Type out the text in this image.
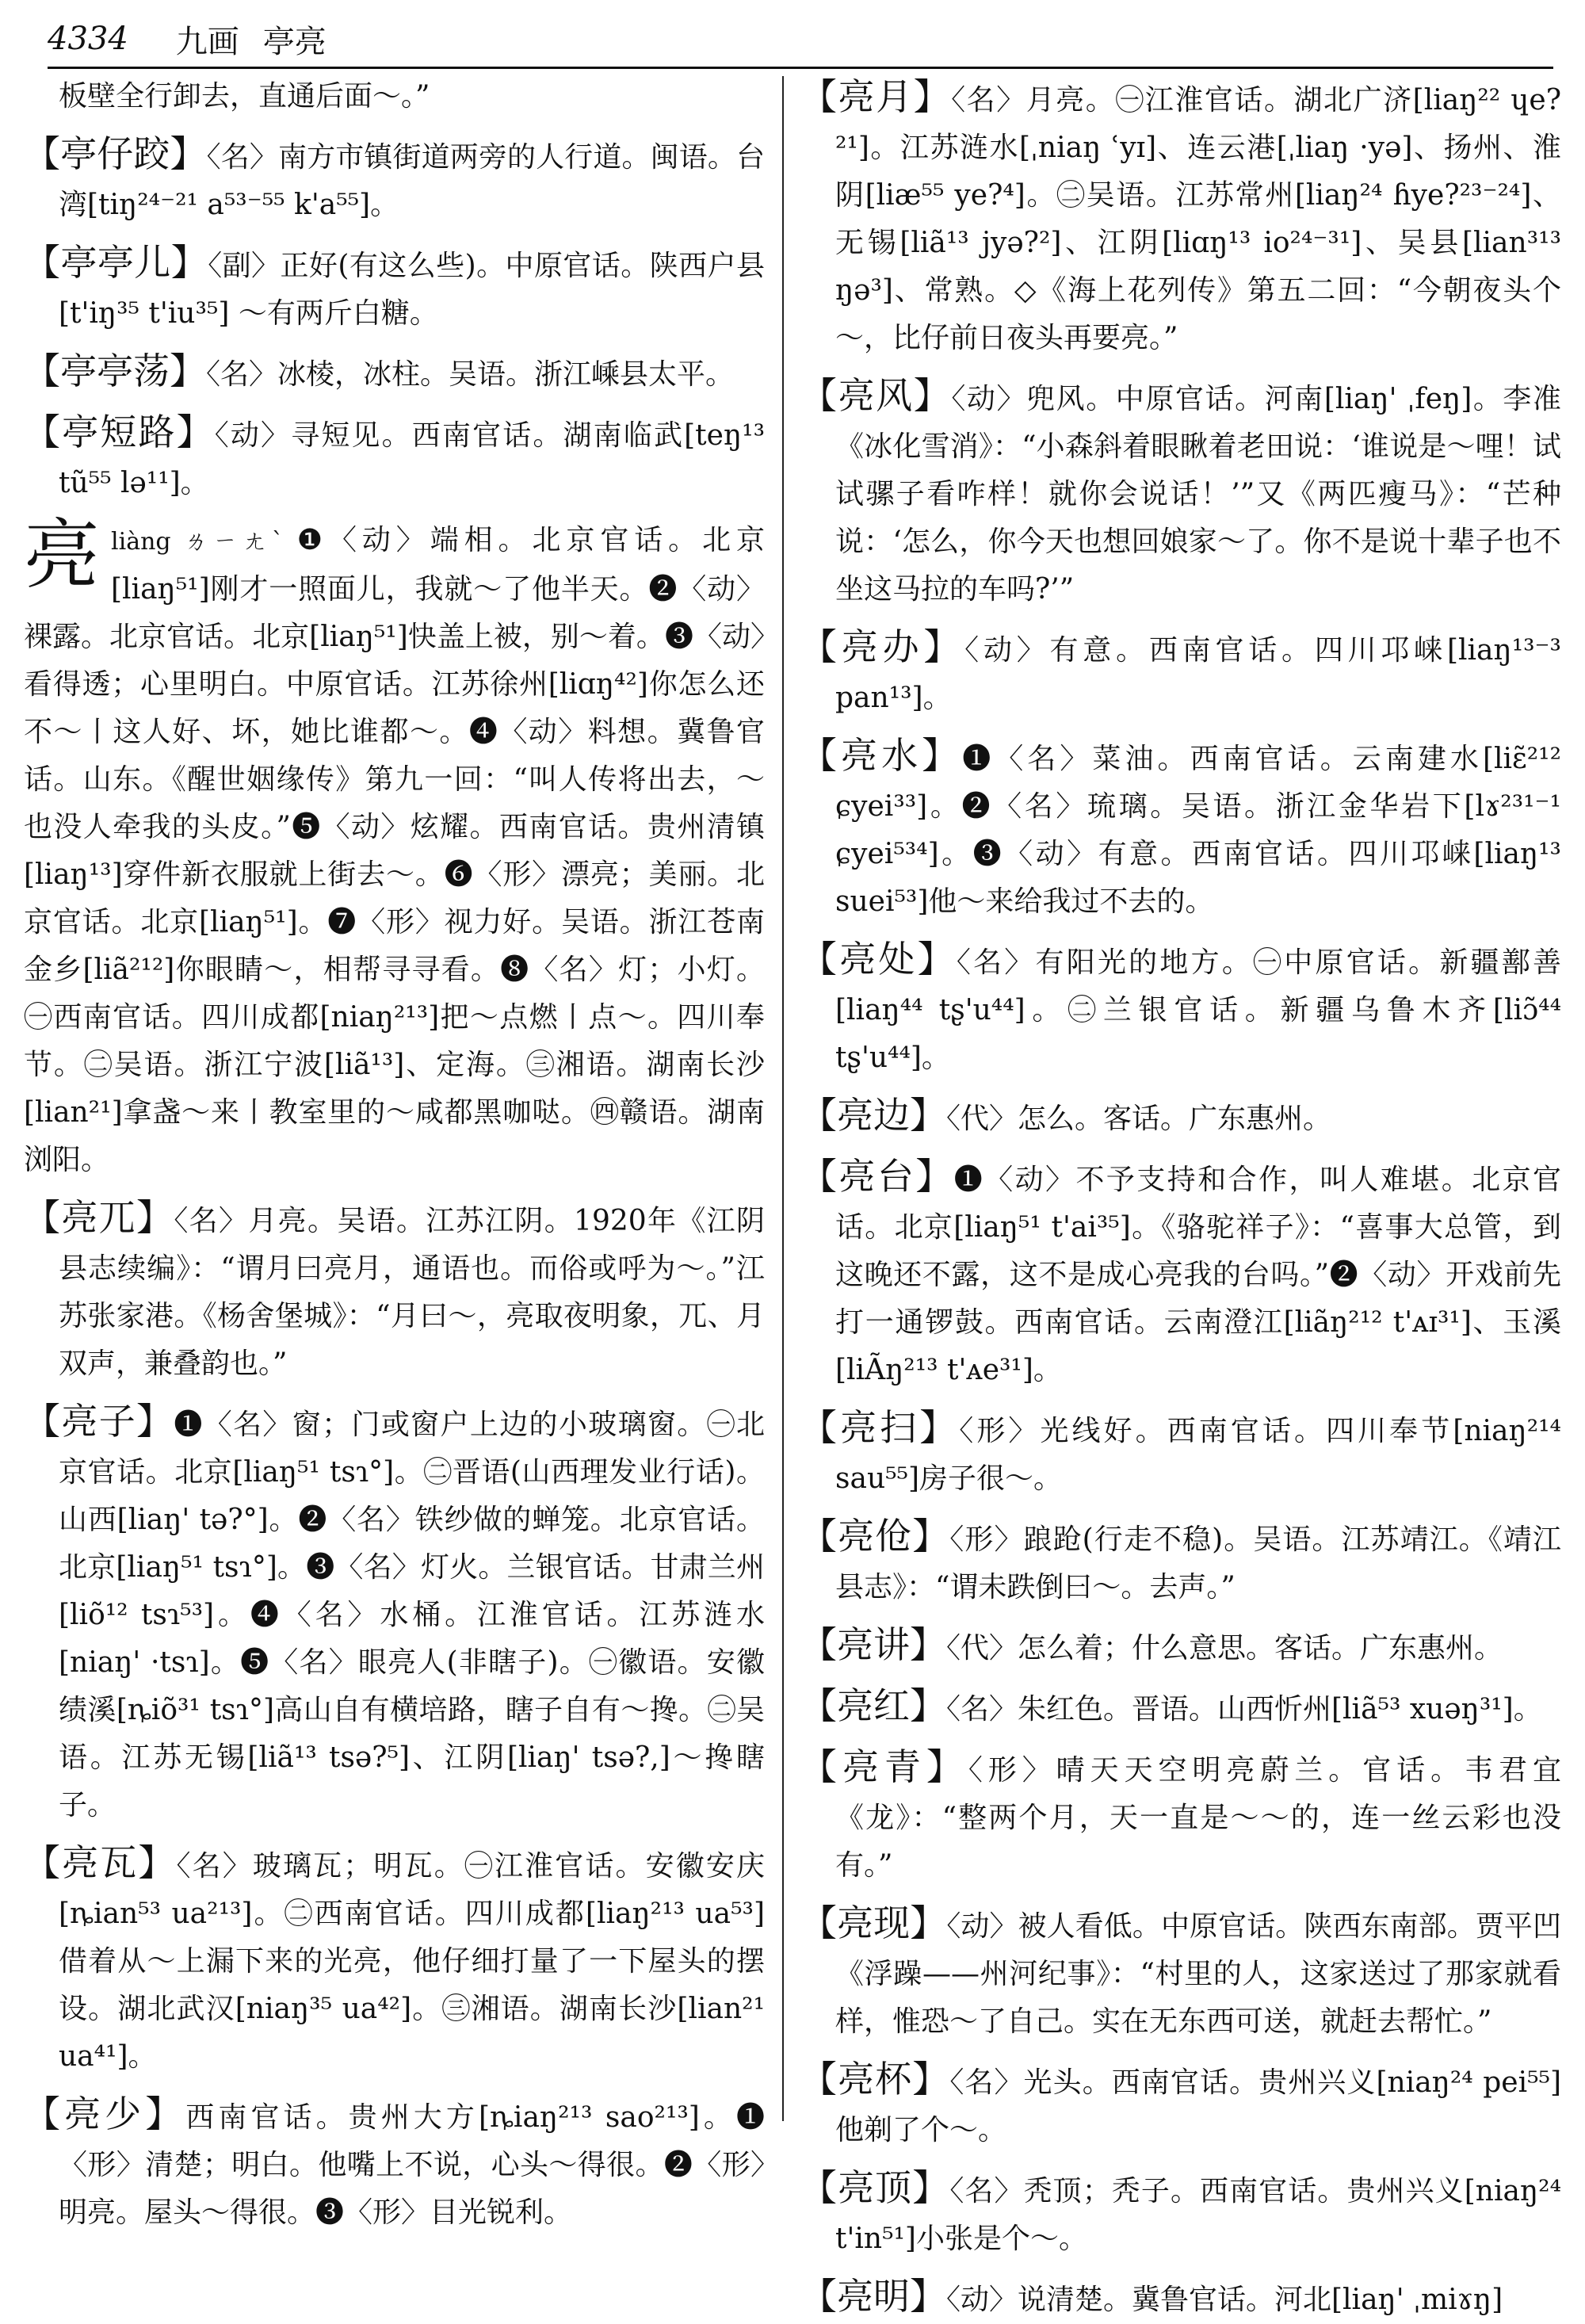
4334 九画 亭亮

板壁全行卸去，直通后面～。”

【亭仔跤】〈名〉南方市镇街道两旁的人行道。闽语。台湾[tiŋ²⁴⁻²¹ a⁵³⁻⁵⁵ k'a⁵⁵]。

【亭亭儿】〈副〉正好(有这么些)。中原官话。陕西户县[t'iŋ³⁵ t'iu³⁵] ～有两斤白糖。

【亭亭荡】〈名〉冰棱，冰柱。吴语。浙江嵊县太平。

【亭短路】〈动〉寻短见。西南官话。湖南临武[teŋ¹³ tũ⁵⁵ lə¹¹]。

亮liàng ㄌㄧㄤˋ ❶〈动〉端相。北京官话。北京[liaŋ⁵¹]刚才一照面儿，我就～了他半天。❷〈动〉裸露。北京官话。北京[liaŋ⁵¹]快盖上被，别～着。❸〈动〉看得透；心里明白。中原官话。江苏徐州[liɑŋ⁴²]你怎么还不～丨这人好、坏，她比谁都～。❹〈动〉料想。冀鲁官话。山东。《醒世姻缘传》第九一回：“叫人传将出去，～也没人牵我的头皮。”❺〈动〉炫耀。西南官话。贵州清镇[liaŋ¹³]穿件新衣服就上街去～。❻〈形〉漂亮；美丽。北京官话。北京[liaŋ⁵¹]。❼〈形〉视力好。吴语。浙江苍南金乡[liã²¹²]你眼睛～，相帮寻寻看。❽〈名〉灯；小灯。㊀西南官话。四川成都[niaŋ²¹³]把～点燃丨点～。四川奉节。㊁吴语。浙江宁波[liã¹³]、定海。㊂湘语。湖南长沙[lian²¹]拿盏～来丨教室里的～咸都黑咖哒。㊃赣语。湖南浏阳。

【亮兀】〈名〉月亮。吴语。江苏江阴。1920年《江阴县志续编》：“谓月曰亮月，通语也。而俗或呼为～。”江苏张家港。《杨舍堡城》：“月曰～，亮取夜明象，兀、月双声，兼叠韵也。”

【亮子】❶〈名〉窗；门或窗户上边的小玻璃窗。㊀北京官话。北京[liaŋ⁵¹ tsɿ°]。㊁晋语(山西理发业行话)。山西[liaŋ' tə?°]。❷〈名〉铁纱做的蝉笼。北京官话。北京[liaŋ⁵¹ tsɿ°]。❸〈名〉灯火。兰银官话。甘肃兰州[liõ¹² tsɿ⁵³]。❹〈名〉水桶。江淮官话。江苏涟水[niaŋ' ·tsɿ]。❺〈名〉眼亮人(非瞎子)。㊀徽语。安徽绩溪[ȵiõ³¹ tsɿ°]高山自有横培路，瞎子自有～搀。㊁吴语。江苏无锡[liã¹³ tsə?⁵]、江阴[liaŋ' tsə?,]～搀瞎子。

【亮瓦】〈名〉玻璃瓦；明瓦。㊀江淮官话。安徽安庆[ȵian⁵³ ua²¹³]。㊁西南官话。四川成都[liaŋ²¹³ ua⁵³]借着从～上漏下来的光亮，他仔细打量了一下屋头的摆设。湖北武汉[niaŋ³⁵ ua⁴²]。㊂湘语。湖南长沙[lian²¹ ua⁴¹]。

【亮少】西南官话。贵州大方[ȵiaŋ²¹³ sao²¹³]。❶〈形〉清楚；明白。他嘴上不说，心头～得很。❷〈形〉明亮。屋头～得很。❸〈形〉目光锐利。

【亮月】〈名〉月亮。㊀江淮官话。湖北广济[liaŋ²² ɥe?²¹]。江苏涟水[ˌniaŋ ʿyɪ]、连云港[ˌliaŋ ·yə]、扬州、淮阴[liæ⁵⁵ ye?⁴]。㊁吴语。江苏常州[liaŋ²⁴ ɦye?²³⁻²⁴]、无锡[liã¹³ jyə?²]、江阴[liɑŋ¹³ io²⁴⁻³¹]、吴县[lian³¹³ ŋə³]、常熟。◇《海上花列传》第五二回：“今朝夜头个～，比仔前日夜头再要亮。”

【亮风】〈动〉兜风。中原官话。河南[liaŋ' ˌfeŋ]。李准《冰化雪消》：“小森斜着眼瞅着老田说：‘谁说是～哩！试试骡子看咋样！就你会说话！’”又《两匹瘦马》：“芒种说：‘怎么，你今天也想回娘家～了。你不是说十辈子也不坐这马拉的车吗?’”

【亮办】〈动〉有意。西南官话。四川邛崃[liaŋ¹³⁻³ pan¹³]。

【亮水】❶〈名〉菜油。西南官话。云南建水[liɛ̃²¹² ɕyei³³]。❷〈名〉琉璃。吴语。浙江金华岩下[lɤ²³¹⁻¹ ɕyei⁵³⁴]。❸〈动〉有意。西南官话。四川邛崃[liaŋ¹³ suei⁵³]他～来给我过不去的。

【亮处】〈名〉有阳光的地方。㊀中原官话。新疆鄯善[liaŋ⁴⁴ tʂ'u⁴⁴]。㊁兰银官话。新疆乌鲁木齐[liɔ̃⁴⁴ tʂ'u⁴⁴]。

【亮边】〈代〉怎么。客话。广东惠州。

【亮台】❶〈动〉不予支持和合作，叫人难堪。北京官话。北京[liaŋ⁵¹ t'ai³⁵]。《骆驼祥子》：“喜事大总管，到这晚还不露，这不是成心亮我的台吗。”❷〈动〉开戏前先打一通锣鼓。西南官话。云南澄江[liãŋ²¹² t'ᴀɪ³¹]、玉溪[liÃŋ²¹³ t'ᴀe³¹]。

【亮扫】〈形〉光线好。西南官话。四川奉节[niaŋ²¹⁴ sau⁵⁵]房子很～。

【亮伧】〈形〉踉跄(行走不稳)。吴语。江苏靖江。《靖江县志》：“谓未跌倒曰～。去声。”

【亮讲】〈代〉怎么着；什么意思。客话。广东惠州。

【亮红】〈名〉朱红色。晋语。山西忻州[liã⁵³ xuəŋ³¹]。

【亮青】〈形〉晴天天空明亮蔚兰。官话。韦君宜《龙》：“整两个月，天一直是～～的，连一丝云彩也没有。”

【亮现】〈动〉被人看低。中原官话。陕西东南部。贾平凹《浮躁——州河纪事》：“村里的人，这家送过了那家就看样，惟恐～了自己。实在无东西可送，就赶去帮忙。”

【亮杯】〈名〉光头。西南官话。贵州兴义[niaŋ²⁴ pei⁵⁵]他剃了个～。

【亮顶】〈名〉秃顶；秃子。西南官话。贵州兴义[niaŋ²⁴ t'in⁵¹]小张是个～。

【亮明】〈动〉说清楚。冀鲁官话。河北[liaŋ' ˌmiɤŋ]
